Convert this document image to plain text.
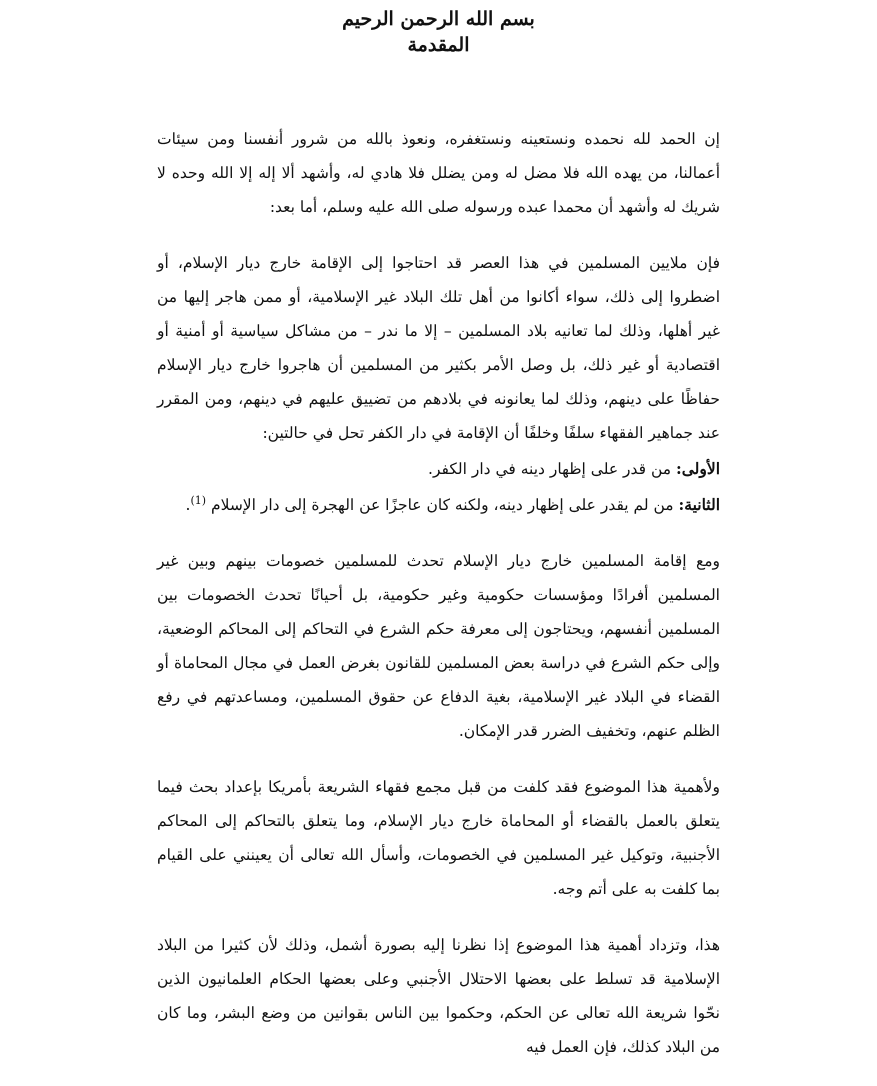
بسم الله الرحمن الرحيم
المقدمة

إن الحمد لله نحمده ونستعينه ونستغفره، ونعوذ بالله من شرور أنفسنا ومن سيئات أعمالنا، من يهده الله فلا مضل له ومن يضلل فلا هادي له، وأشهد ألا إله إلا الله وحده لا شريك له وأشهد أن محمدا عبده ورسوله صلى الله عليه وسلم، أما بعد:

فإن ملايين المسلمين في هذا العصر قد احتاجوا إلى الإقامة خارج ديار الإسلام، أو اضطروا إلى ذلك، سواء أكانوا من أهل تلك البلاد غير الإسلامية، أو ممن هاجر إليها من غير أهلها، وذلك لما تعانيه بلاد المسلمين – إلا ما ندر – من مشاكل سياسية أو أمنية أو اقتصادية أو غير ذلك، بل وصل الأمر بكثير من المسلمين أن هاجروا خارج ديار الإسلام حفاظًا على دينهم، وذلك لما يعانونه في بلادهم من تضييق عليهم في دينهم، ومن المقرر عند جماهير الفقهاء سلفًا وخلفًا أن الإقامة في دار الكفر تحل في حالتين:

الأولى: من قدر على إظهار دينه في دار الكفر.

الثانية: من لم يقدر على إظهار دينه، ولكنه كان عاجزًا عن الهجرة إلى دار الإسلام $^{(1)}$.

ومع إقامة المسلمين خارج ديار الإسلام تحدث للمسلمين خصومات بينهم وبين غير المسلمين أفرادًا ومؤسسات حكومية وغير حكومية، بل أحيانًا تحدث الخصومات بين المسلمين أنفسهم، ويحتاجون إلى معرفة حكم الشرع في التحاكم إلى المحاكم الوضعية، وإلى حكم الشرع في دراسة بعض المسلمين للقانون بغرض العمل في مجال المحاماة أو القضاء في البلاد غير الإسلامية، بغية الدفاع عن حقوق المسلمين، ومساعدتهم في رفع الظلم عنهم، وتخفيف الضرر قدر الإمكان.

ولأهمية هذا الموضوع فقد كلفت من قبل مجمع فقهاء الشريعة بأمريكا بإعداد بحث فيما يتعلق بالعمل بالقضاء أو المحاماة خارج ديار الإسلام، وما يتعلق بالتحاكم إلى المحاكم الأجنبية، وتوكيل غير المسلمين في الخصومات، وأسأل الله تعالى أن يعينني على القيام بما كلفت به على أتم وجه.

هذا، وتزداد أهمية هذا الموضوع إذا نظرنا إليه بصورة أشمل، وذلك لأن كثيرا من البلاد الإسلامية قد تسلط على بعضها الاحتلال الأجنبي وعلى بعضها الحكام العلمانيون الذين نحّوا شريعة الله تعالى عن الحكم، وحكموا بين الناس بقوانين من وضع البشر، وما كان من البلاد كذلك، فإن العمل فيه
